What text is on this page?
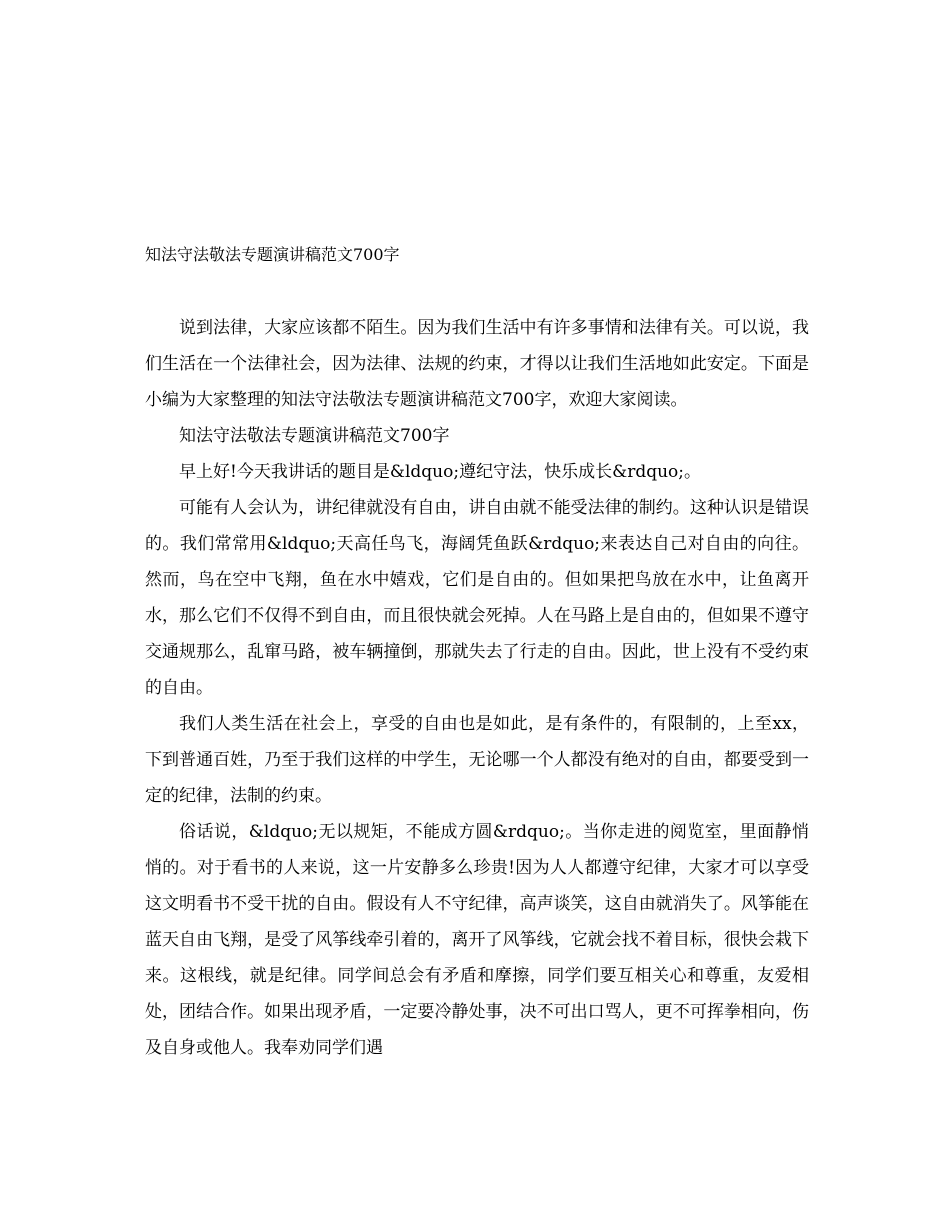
知法守法敬法专题演讲稿范文700字

说到法律，大家应该都不陌生。因为我们生活中有许多事情和法律有关。可以说，我们生活在一个法律社会，因为法律、法规的约束，才得以让我们生活地如此安定。下面是小编为大家整理的知法守法敬法专题演讲稿范文700字，欢迎大家阅读。

知法守法敬法专题演讲稿范文700字

早上好!今天我讲话的题目是&ldquo;遵纪守法，快乐成长&rdquo;。

可能有人会认为，讲纪律就没有自由，讲自由就不能受法律的制约。这种认识是错误的。我们常常用&ldquo;天高任鸟飞，海阔凭鱼跃&rdquo;来表达自己对自由的向往。然而，鸟在空中飞翔，鱼在水中嬉戏，它们是自由的。但如果把鸟放在水中，让鱼离开水，那么它们不仅得不到自由，而且很快就会死掉。人在马路上是自由的，但如果不遵守交通规那么，乱窜马路，被车辆撞倒，那就失去了行走的自由。因此，世上没有不受约束的自由。

我们人类生活在社会上，享受的自由也是如此，是有条件的，有限制的，上至xx，下到普通百姓，乃至于我们这样的中学生，无论哪一个人都没有绝对的自由，都要受到一定的纪律，法制的约束。

俗话说，&ldquo;无以规矩，不能成方圆&rdquo;。当你走进的阅览室，里面静悄悄的。对于看书的人来说，这一片安静多么珍贵!因为人人都遵守纪律，大家才可以享受这文明看书不受干扰的自由。假设有人不守纪律，高声谈笑，这自由就消失了。风筝能在蓝天自由飞翔，是受了风筝线牵引着的，离开了风筝线，它就会找不着目标，很快会栽下来。这根线，就是纪律。同学间总会有矛盾和摩擦，同学们要互相关心和尊重，友爱相处，团结合作。如果出现矛盾，一定要冷静处事，决不可出口骂人，更不可挥拳相向，伤及自身或他人。我奉劝同学们遇
